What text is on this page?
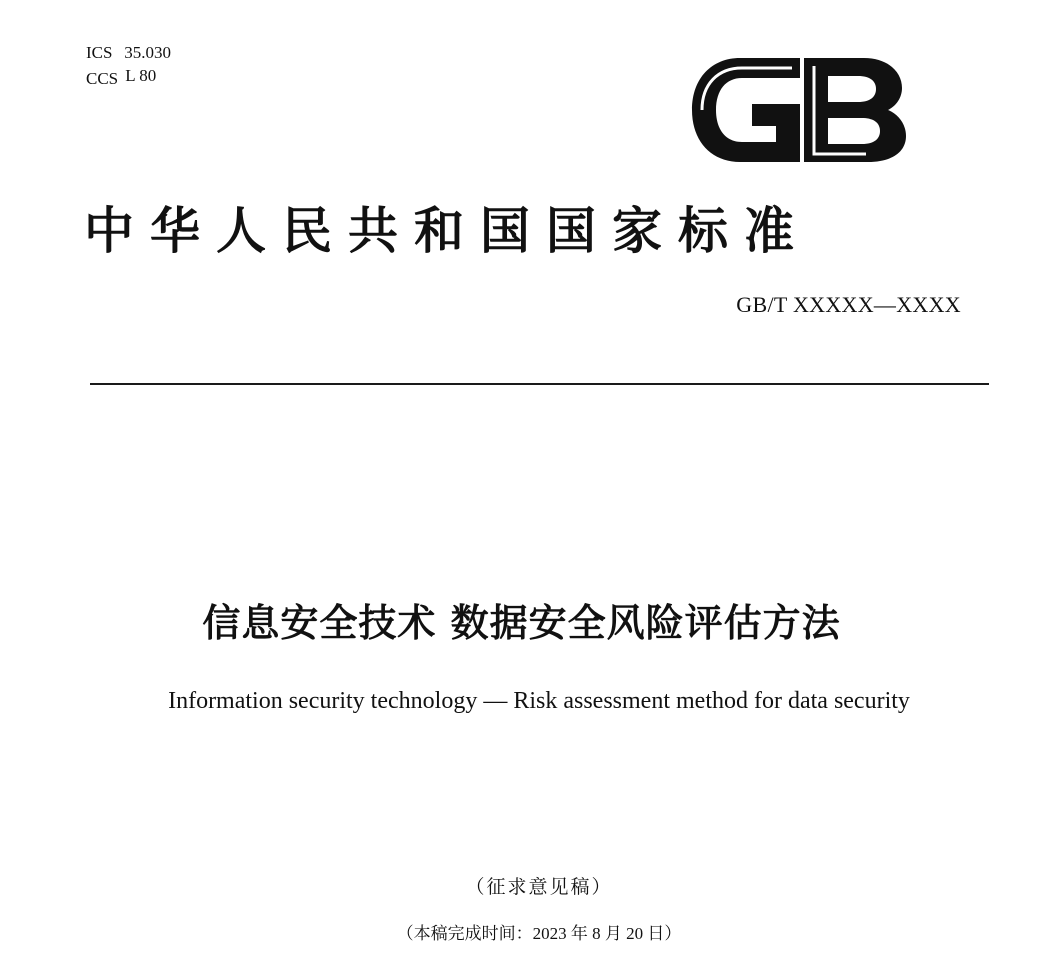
ICS 35.030
CCS L 80
中华人民共和国国家标准
GB/T XXXXX—XXXX
信息安全技术 数据安全风险评估方法
Information security technology — Risk assessment method for data security
（征求意见稿）
（本稿完成时间：2023 年 8 月 20 日）
